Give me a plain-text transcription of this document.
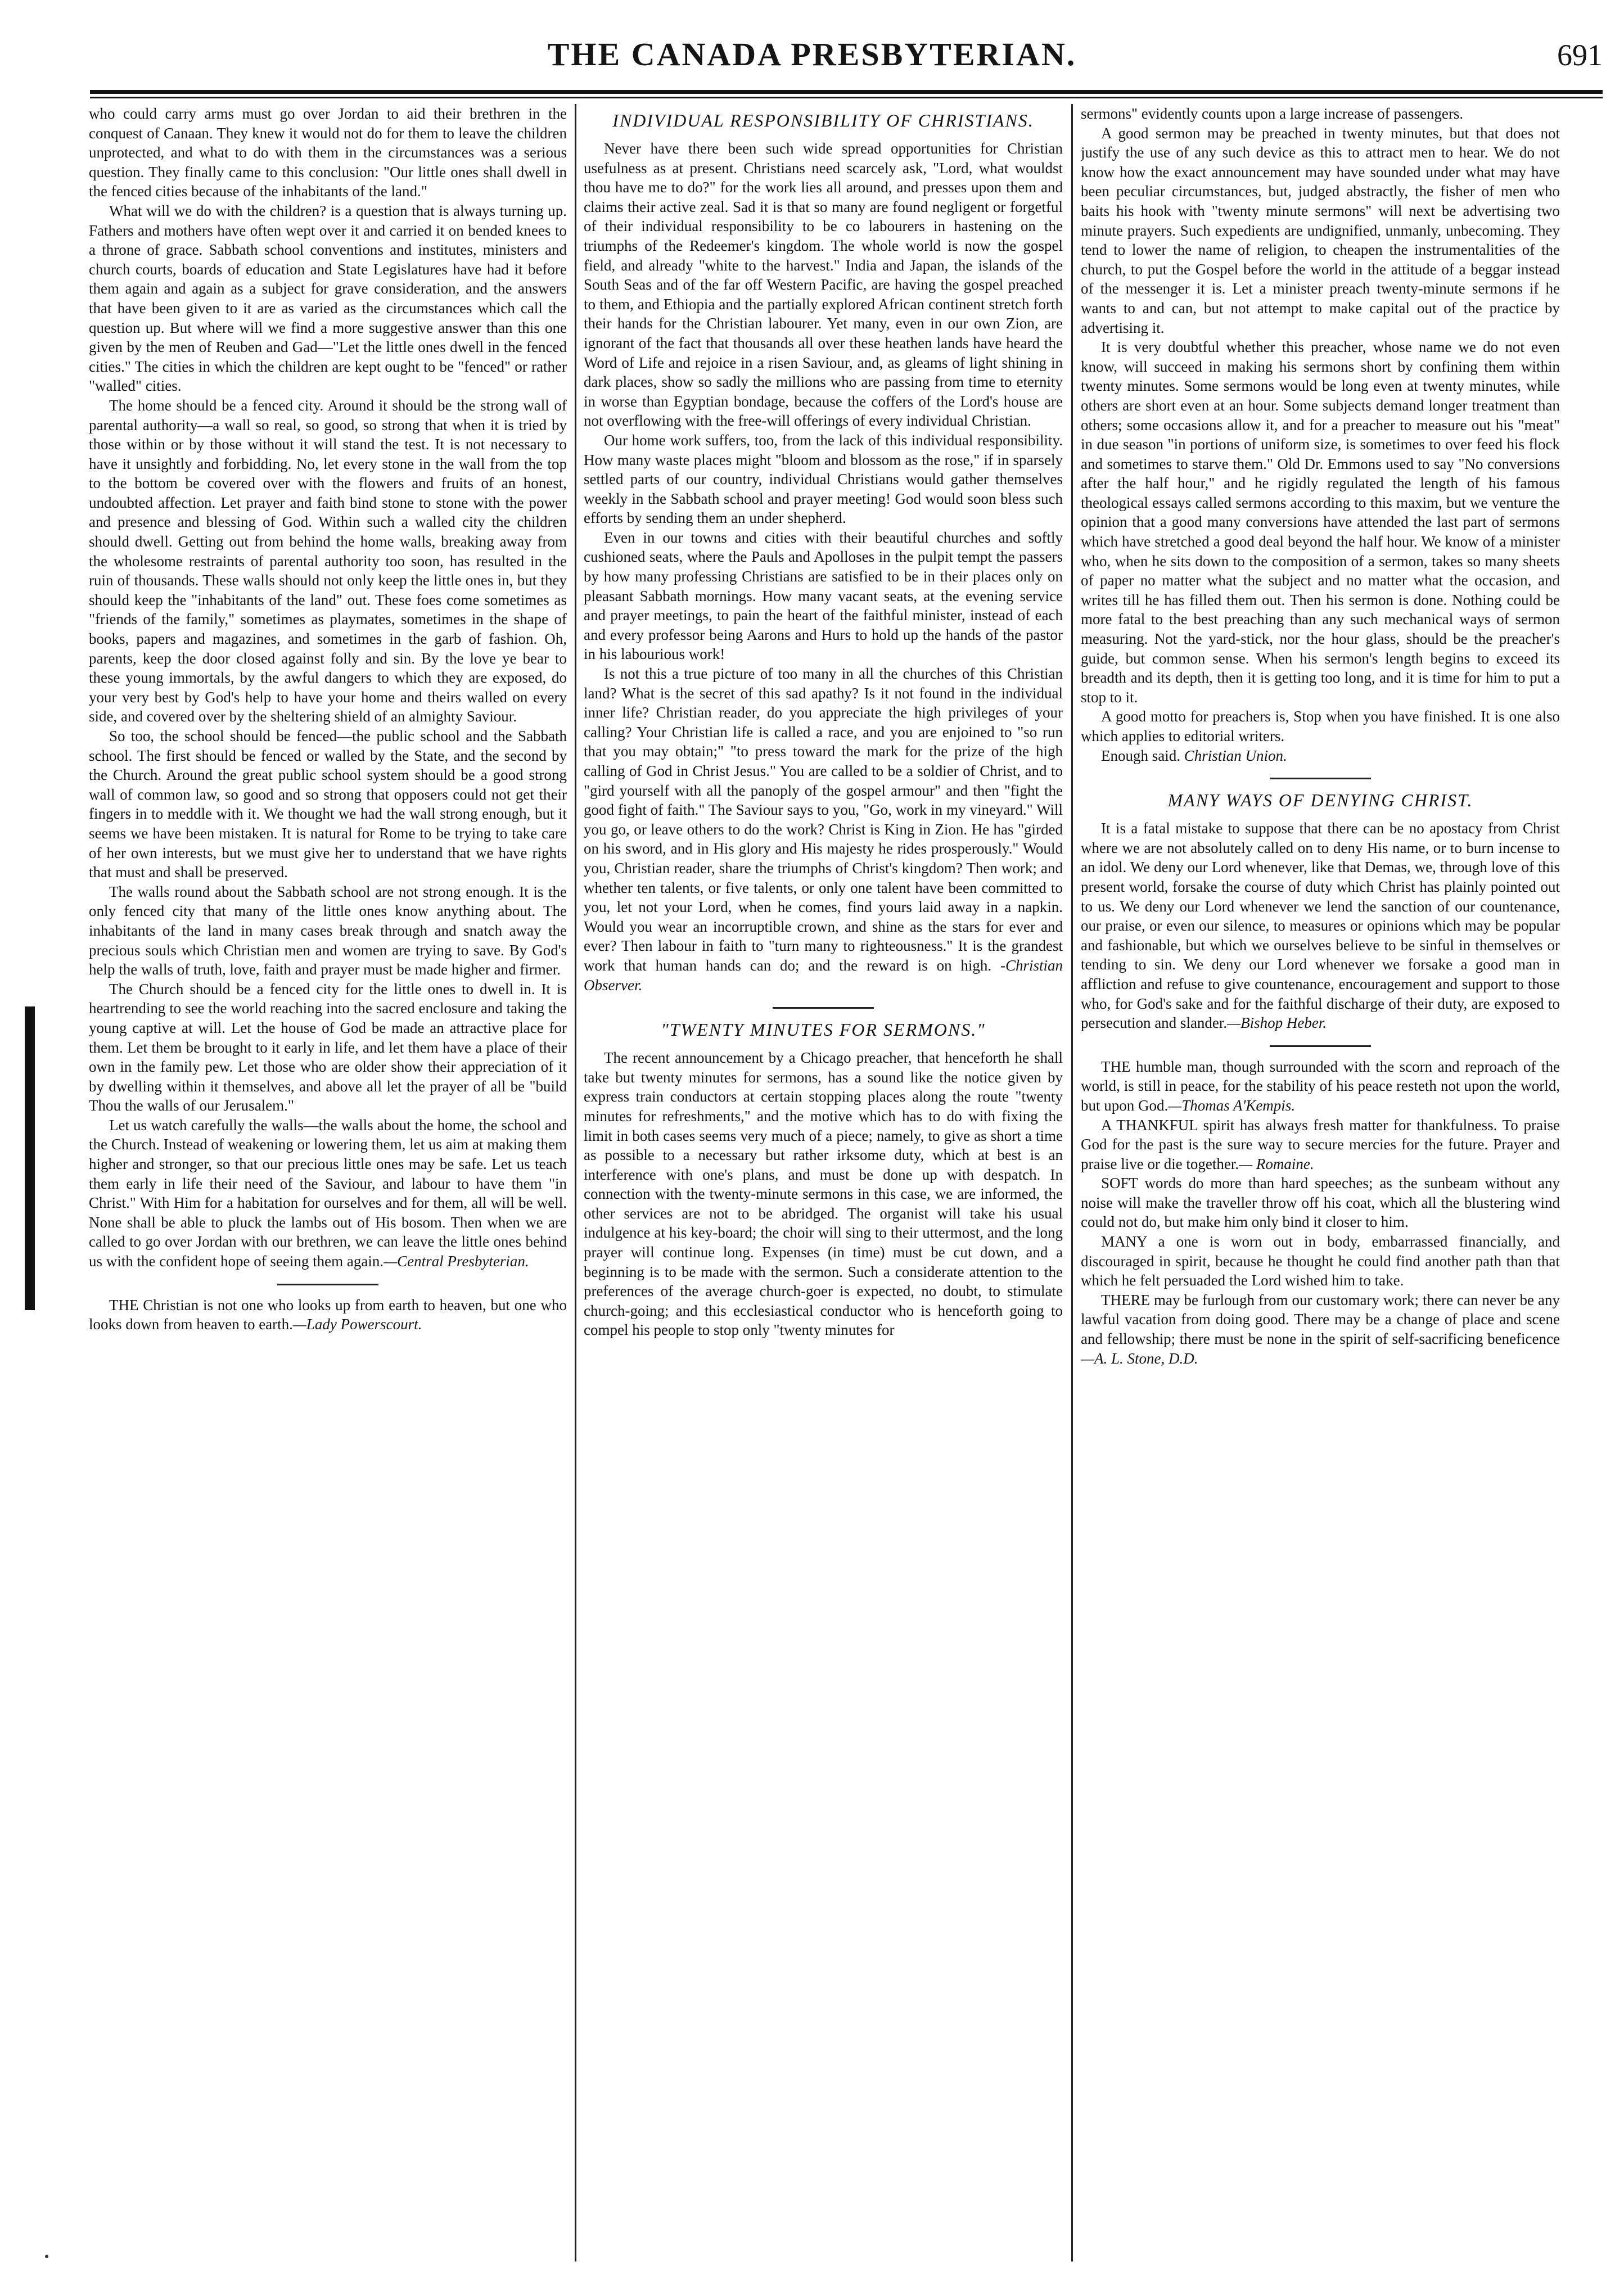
THE CANADA PRESBYTERIAN.	691

who could carry arms must go over Jordan to aid their brethren in the conquest of Canaan. They knew it would not do for them to leave the children unprotected, and what to do with them in the circumstances was a serious question. They finally came to this conclusion: "Our little ones shall dwell in the fenced cities because of the inhabitants of the land."

What will we do with the children? is a question that is always turning up. Fathers and mothers have often wept over it and carried it on bended knees to a throne of grace. Sabbath school conventions and institutes, ministers and church courts, boards of education and State Legislatures have had it before them again and again as a subject for grave consideration, and the answers that have been given to it are as varied as the circumstances which call the question up. But where will we find a more suggestive answer than this one given by the men of Reuben and Gad—"Let the little ones dwell in the fenced cities." The cities in which the children are kept ought to be "fenced" or rather "walled" cities.

The home should be a fenced city. Around it should be the strong wall of parental authority—a wall so real, so good, so strong that when it is tried by those within or by those without it will stand the test. It is not necessary to have it unsightly and forbidding. No, let every stone in the wall from the top to the bottom be covered over with the flowers and fruits of an honest, undoubted affection. Let prayer and faith bind stone to stone with the power and presence and blessing of God. Within such a walled city the children should dwell. Getting out from behind the home walls, breaking away from the wholesome restraints of parental authority too soon, has resulted in the ruin of thousands. These walls should not only keep the little ones in, but they should keep the "inhabitants of the land" out. These foes come sometimes as "friends of the family," sometimes as playmates, sometimes in the shape of books, papers and magazines, and sometimes in the garb of fashion. Oh, parents, keep the door closed against folly and sin. By the love ye bear to these young immortals, by the awful dangers to which they are exposed, do your very best by God's help to have your home and theirs walled on every side, and covered over by the sheltering shield of an almighty Saviour.

So too, the school should be fenced—the public school and the Sabbath school. The first should be fenced or walled by the State, and the second by the Church. Around the great public school system should be a good strong wall of common law, so good and so strong that opposers could not get their fingers in to meddle with it. We thought we had the wall strong enough, but it seems we have been mistaken. It is natural for Rome to be trying to take care of her own interests, but we must give her to understand that we have rights that must and shall be preserved.

The walls round about the Sabbath school are not strong enough. It is the only fenced city that many of the little ones know anything about. The inhabitants of the land in many cases break through and snatch away the precious souls which Christian men and women are trying to save. By God's help the walls of truth, love, faith and prayer must be made higher and firmer.

The Church should be a fenced city for the little ones to dwell in. It is heartrending to see the world reaching into the sacred enclosure and taking the young captive at will. Let the house of God be made an attractive place for them. Let them be brought to it early in life, and let them have a place of their own in the family pew. Let those who are older show their appreciation of it by dwelling within it themselves, and above all let the prayer of all be "build Thou the walls of our Jerusalem."

Let us watch carefully the walls—the walls about the home, the school and the Church. Instead of weakening or lowering them, let us aim at making them higher and stronger, so that our precious little ones may be safe. Let us teach them early in life their need of the Saviour, and labour to have them "in Christ." With Him for a habitation for ourselves and for them, all will be well. None shall be able to pluck the lambs out of His bosom. Then when we are called to go over Jordan with our brethren, we can leave the little ones behind us with the confident hope of seeing them again.—Central Presbyterian.

THE Christian is not one who looks up from earth to heaven, but one who looks down from heaven to earth.—Lady Powerscourt.

INDIVIDUAL RESPONSIBILITY OF CHRISTIANS.

Never have there been such wide spread opportunities for Christian usefulness as at present. Christians need scarcely ask, "Lord, what wouldst thou have me to do?" for the work lies all around, and presses upon them and claims their active zeal. Sad it is that so many are found negligent or forgetful of their individual responsibility to be co labourers in hastening on the triumphs of the Redeemer's kingdom. The whole world is now the gospel field, and already "white to the harvest." India and Japan, the islands of the South Seas and of the far off Western Pacific, are having the gospel preached to them, and Ethiopia and the partially explored African continent stretch forth their hands for the Christian labourer. Yet many, even in our own Zion, are ignorant of the fact that thousands all over these heathen lands have heard the Word of Life and rejoice in a risen Saviour, and, as gleams of light shining in dark places, show so sadly the millions who are passing from time to eternity in worse than Egyptian bondage, because the coffers of the Lord's house are not overflowing with the free-will offerings of every individual Christian.

Our home work suffers, too, from the lack of this individual responsibility. How many waste places might "bloom and blossom as the rose," if in sparsely settled parts of our country, individual Christians would gather themselves weekly in the Sabbath school and prayer meeting! God would soon bless such efforts by sending them an under shepherd.

Even in our towns and cities with their beautiful churches and softly cushioned seats, where the Pauls and Apolloses in the pulpit tempt the passers by how many professing Christians are satisfied to be in their places only on pleasant Sabbath mornings. How many vacant seats, at the evening service and prayer meetings, to pain the heart of the faithful minister, instead of each and every professor being Aarons and Hurs to hold up the hands of the pastor in his labourious work!

Is not this a true picture of too many in all the churches of this Christian land? What is the secret of this sad apathy? Is it not found in the individual inner life? Christian reader, do you appreciate the high privileges of your calling? Your Christian life is called a race, and you are enjoined to "so run that you may obtain;" "to press toward the mark for the prize of the high calling of God in Christ Jesus." You are called to be a soldier of Christ, and to "gird yourself with all the panoply of the gospel armour" and then "fight the good fight of faith." The Saviour says to you, "Go, work in my vineyard." Will you go, or leave others to do the work? Christ is King in Zion. He has "girded on his sword, and in His glory and His majesty he rides prosperously." Would you, Christian reader, share the triumphs of Christ's kingdom? Then work; and whether ten talents, or five talents, or only one talent have been committed to you, let not your Lord, when he comes, find yours laid away in a napkin. Would you wear an incorruptible crown, and shine as the stars for ever and ever? Then labour in faith to "turn many to righteousness." It is the grandest work that human hands can do; and the reward is on high. -Christian Observer.

"TWENTY MINUTES FOR SERMONS."

The recent announcement by a Chicago preacher, that henceforth he shall take but twenty minutes for sermons, has a sound like the notice given by express train conductors at certain stopping places along the route "twenty minutes for refreshments," and the motive which has to do with fixing the limit in both cases seems very much of a piece; namely, to give as short a time as possible to a necessary but rather irksome duty, which at best is an interference with one's plans, and must be done up with despatch. In connection with the twenty-minute sermons in this case, we are informed, the other services are not to be abridged. The organist will take his usual indulgence at his key-board; the choir will sing to their uttermost, and the long prayer will continue long. Expenses (in time) must be cut down, and a beginning is to be made with the sermon. Such a considerate attention to the preferences of the average church-goer is expected, no doubt, to stimulate church-going; and this ecclesiastical conductor who is henceforth going to compel his people to stop only "twenty minutes for

sermons" evidently counts upon a large increase of passengers.

A good sermon may be preached in twenty minutes, but that does not justify the use of any such device as this to attract men to hear. We do not know how the exact announcement may have sounded under what may have been peculiar circumstances, but, judged abstractly, the fisher of men who baits his hook with "twenty minute sermons" will next be advertising two minute prayers. Such expedients are undignified, unmanly, unbecoming. They tend to lower the name of religion, to cheapen the instrumentalities of the church, to put the Gospel before the world in the attitude of a beggar instead of the messenger it is. Let a minister preach twenty-minute sermons if he wants to and can, but not attempt to make capital out of the practice by advertising it.

It is very doubtful whether this preacher, whose name we do not even know, will succeed in making his sermons short by confining them within twenty minutes. Some sermons would be long even at twenty minutes, while others are short even at an hour. Some subjects demand longer treatment than others; some occasions allow it, and for a preacher to measure out his "meat" in due season "in portions of uniform size, is sometimes to over feed his flock and sometimes to starve them." Old Dr. Emmons used to say "No conversions after the half hour," and he rigidly regulated the length of his famous theological essays called sermons according to this maxim, but we venture the opinion that a good many conversions have attended the last part of sermons which have stretched a good deal beyond the half hour. We know of a minister who, when he sits down to the composition of a sermon, takes so many sheets of paper no matter what the subject and no matter what the occasion, and writes till he has filled them out. Then his sermon is done. Nothing could be more fatal to the best preaching than any such mechanical ways of sermon measuring. Not the yard-stick, nor the hour glass, should be the preacher's guide, but common sense. When his sermon's length begins to exceed its breadth and its depth, then it is getting too long, and it is time for him to put a stop to it.

A good motto for preachers is, Stop when you have finished. It is one also which applies to editorial writers.

Enough said. Christian Union.

MANY WAYS OF DENYING CHRIST.

It is a fatal mistake to suppose that there can be no apostacy from Christ where we are not absolutely called on to deny His name, or to burn incense to an idol. We deny our Lord whenever, like that Demas, we, through love of this present world, forsake the course of duty which Christ has plainly pointed out to us. We deny our Lord whenever we lend the sanction of our countenance, our praise, or even our silence, to measures or opinions which may be popular and fashionable, but which we ourselves believe to be sinful in themselves or tending to sin. We deny our Lord whenever we forsake a good man in affliction and refuse to give countenance, encouragement and support to those who, for God's sake and for the faithful discharge of their duty, are exposed to persecution and slander.—Bishop Heber.

THE humble man, though surrounded with the scorn and reproach of the world, is still in peace, for the stability of his peace resteth not upon the world, but upon God.—Thomas A'Kempis.

A THANKFUL spirit has always fresh matter for thankfulness. To praise God for the past is the sure way to secure mercies for the future. Prayer and praise live or die together.— Romaine.

SOFT words do more than hard speeches; as the sunbeam without any noise will make the traveller throw off his coat, which all the blustering wind could not do, but make him only bind it closer to him.

MANY a one is worn out in body, embarrassed financially, and discouraged in spirit, because he thought he could find another path than that which he felt persuaded the Lord wished him to take.

THERE may be furlough from our customary work; there can never be any lawful vacation from doing good. There may be a change of place and scene and fellowship; there must be none in the spirit of self-sacrificing beneficence—A. L. Stone, D.D.
